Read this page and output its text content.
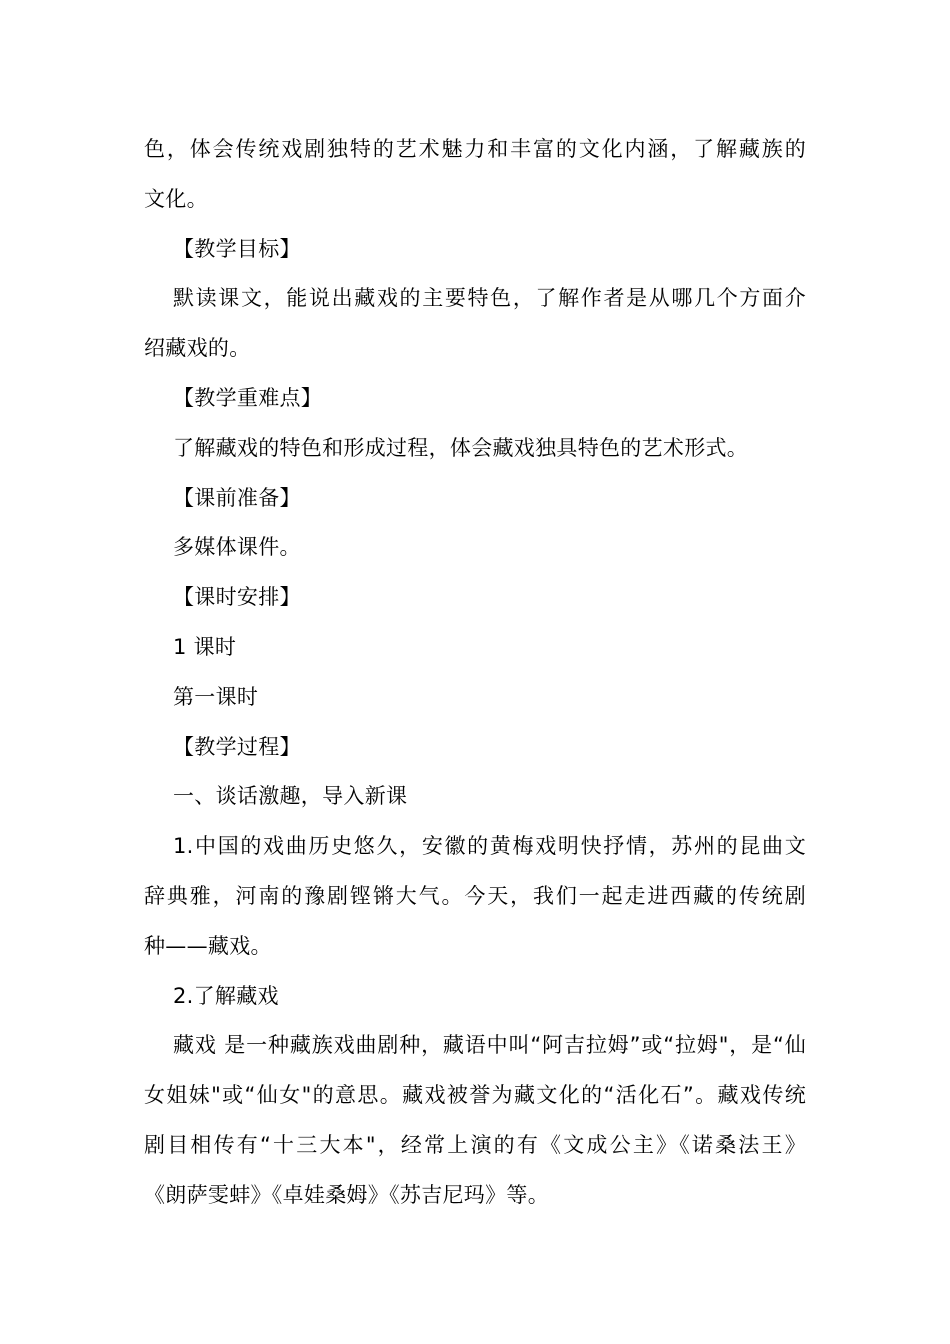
色，体会传统戏剧独特的艺术魅力和丰富的文化内涵，了解藏族的
文化。
【教学目标】
默读课文，能说出藏戏的主要特色，了解作者是从哪几个方面介
绍藏戏的。
【教学重难点】
了解藏戏的特色和形成过程，体会藏戏独具特色的艺术形式。
【课前准备】
多媒体课件。
【课时安排】
1 课时
第一课时
【教学过程】
一、谈话激趣，导入新课
1.中国的戏曲历史悠久，安徽的黄梅戏明快抒情，苏州的昆曲文
辞典雅，河南的豫剧铿锵大气。今天，我们一起走进西藏的传统剧
种——藏戏。
2.了解藏戏
藏戏 是一种藏族戏曲剧种，藏语中叫“阿吉拉姆”或“拉姆"，是“仙
女姐妹"或“仙女"的意思。藏戏被誉为藏文化的“活化石”。藏戏传统
剧目相传有“十三大本"，经常上演的有《文成公主》《诺桑法王》
《朗萨雯蚌》《卓娃桑姆》《苏吉尼玛》等。
